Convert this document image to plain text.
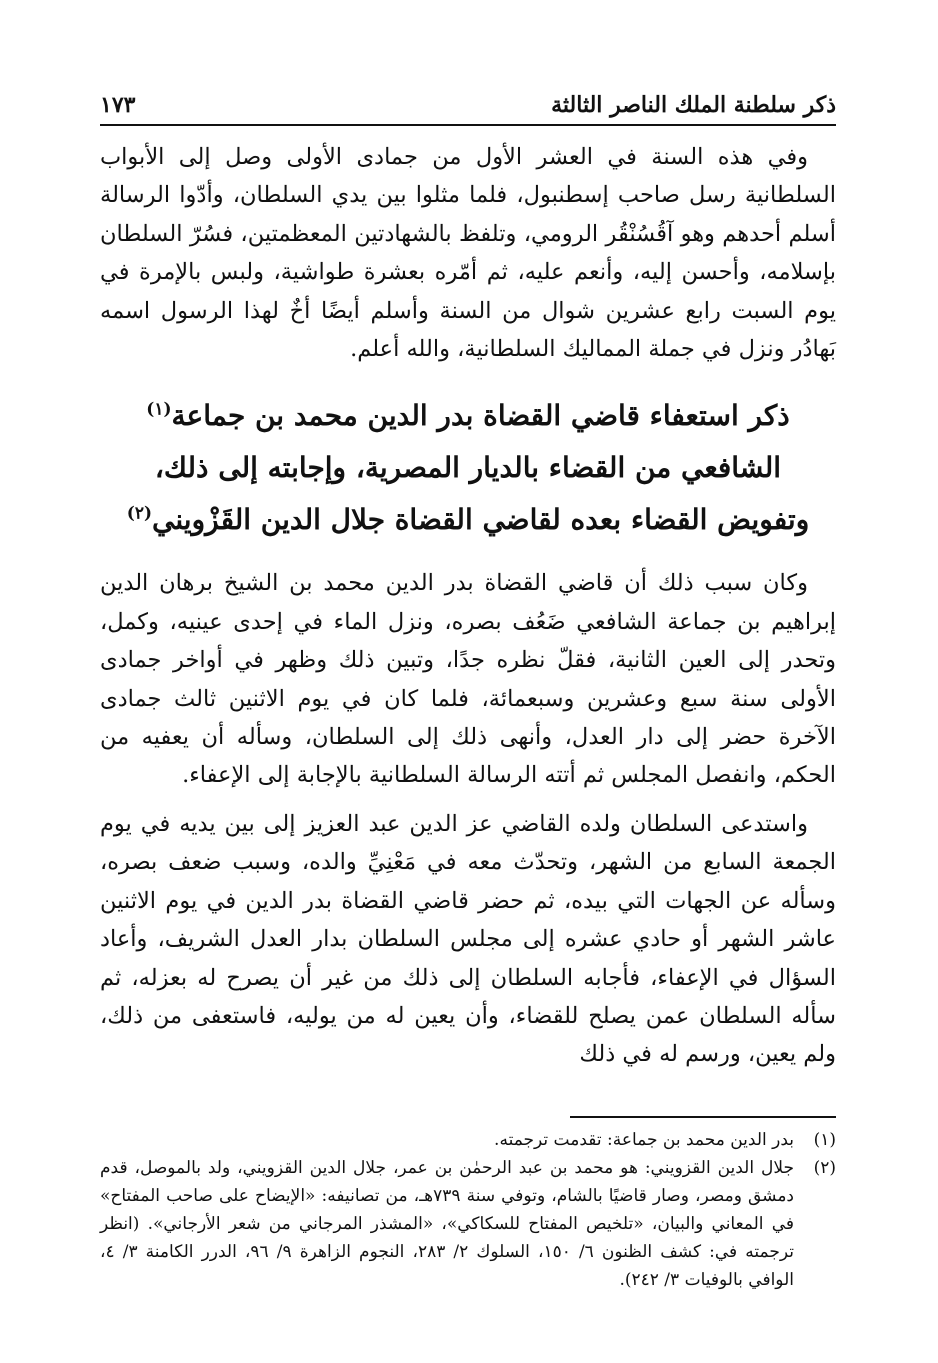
ذكر سلطنة الملك الناصر الثالثة
١٧٣

وفي هذه السنة في العشر الأول من جمادى الأولى وصل إلى الأبواب السلطانية رسل صاحب إسطنبول، فلما مثلوا بين يدي السلطان، وأدّوا الرسالة أسلم أحدهم وهو آقُسُنْقُر الرومي، وتلفظ بالشهادتين المعظمتين، فسُرّ السلطان بإسلامه، وأحسن إليه، وأنعم عليه، ثم أمّره بعشرة طواشية، ولبس بالإمرة في يوم السبت رابع عشرين شوال من السنة وأسلم أيضًا أخٌ لهذا الرسول اسمه بَهادُر ونزل في جملة المماليك السلطانية، والله أعلم.

ذكر استعفاء قاضي القضاة بدر الدين محمد بن جماعة$^{(١)}$
الشافعي من القضاء بالديار المصرية، وإجابته إلى ذلك،
وتفويض القضاء بعده لقاضي القضاة جلال الدين القَزْويني$^{(٢)}$

وكان سبب ذلك أن قاضي القضاة بدر الدين محمد بن الشيخ برهان الدين إبراهيم بن جماعة الشافعي ضَعُف بصره، ونزل الماء في إحدى عينيه، وكمل، وتحدر إلى العين الثانية، فقلّ نظره جدًا، وتبين ذلك وظهر في أواخر جمادى الأولى سنة سبع وعشرين وسبعمائة، فلما كان في يوم الاثنين ثالث جمادى الآخرة حضر إلى دار العدل، وأنهى ذلك إلى السلطان، وسأله أن يعفيه من الحكم، وانفصل المجلس ثم أتته الرسالة السلطانية بالإجابة إلى الإعفاء.

واستدعى السلطان ولده القاضي عز الدين عبد العزيز إلى بين يديه في يوم الجمعة السابع من الشهر، وتحدّث معه في مَعْنِيِّ والده، وسبب ضعف بصره، وسأله عن الجهات التي بيده، ثم حضر قاضي القضاة بدر الدين في يوم الاثنين عاشر الشهر أو حادي عشره إلى مجلس السلطان بدار العدل الشريف، وأعاد السؤال في الإعفاء، فأجابه السلطان إلى ذلك من غير أن يصرح له بعزله، ثم سأله السلطان عمن يصلح للقضاء، وأن يعين له من يوليه، فاستعفى من ذلك، ولم يعين، ورسم له في ذلك

(١)
بدر الدين محمد بن جماعة: تقدمت ترجمته.
(٢)
جلال الدين القزويني: هو محمد بن عبد الرحمٰن بن عمر، جلال الدين القزويني، ولد بالموصل، قدم دمشق ومصر، وصار قاضيًا بالشام، وتوفي سنة ٧٣٩هـ، من تصانيفه: «الإيضاح على صاحب المفتاح» في المعاني والبيان، «تلخيص المفتاح للسكاكي»، «المشذر المرجاني من شعر الأرجاني». (انظر ترجمته في: كشف الظنون ٦/ ١٥٠، السلوك ٢/ ٢٨٣، النجوم الزاهرة ٩/ ٩٦، الدرر الكامنة ٣/ ٤، الوافي بالوفيات ٣/ ٢٤٢).
